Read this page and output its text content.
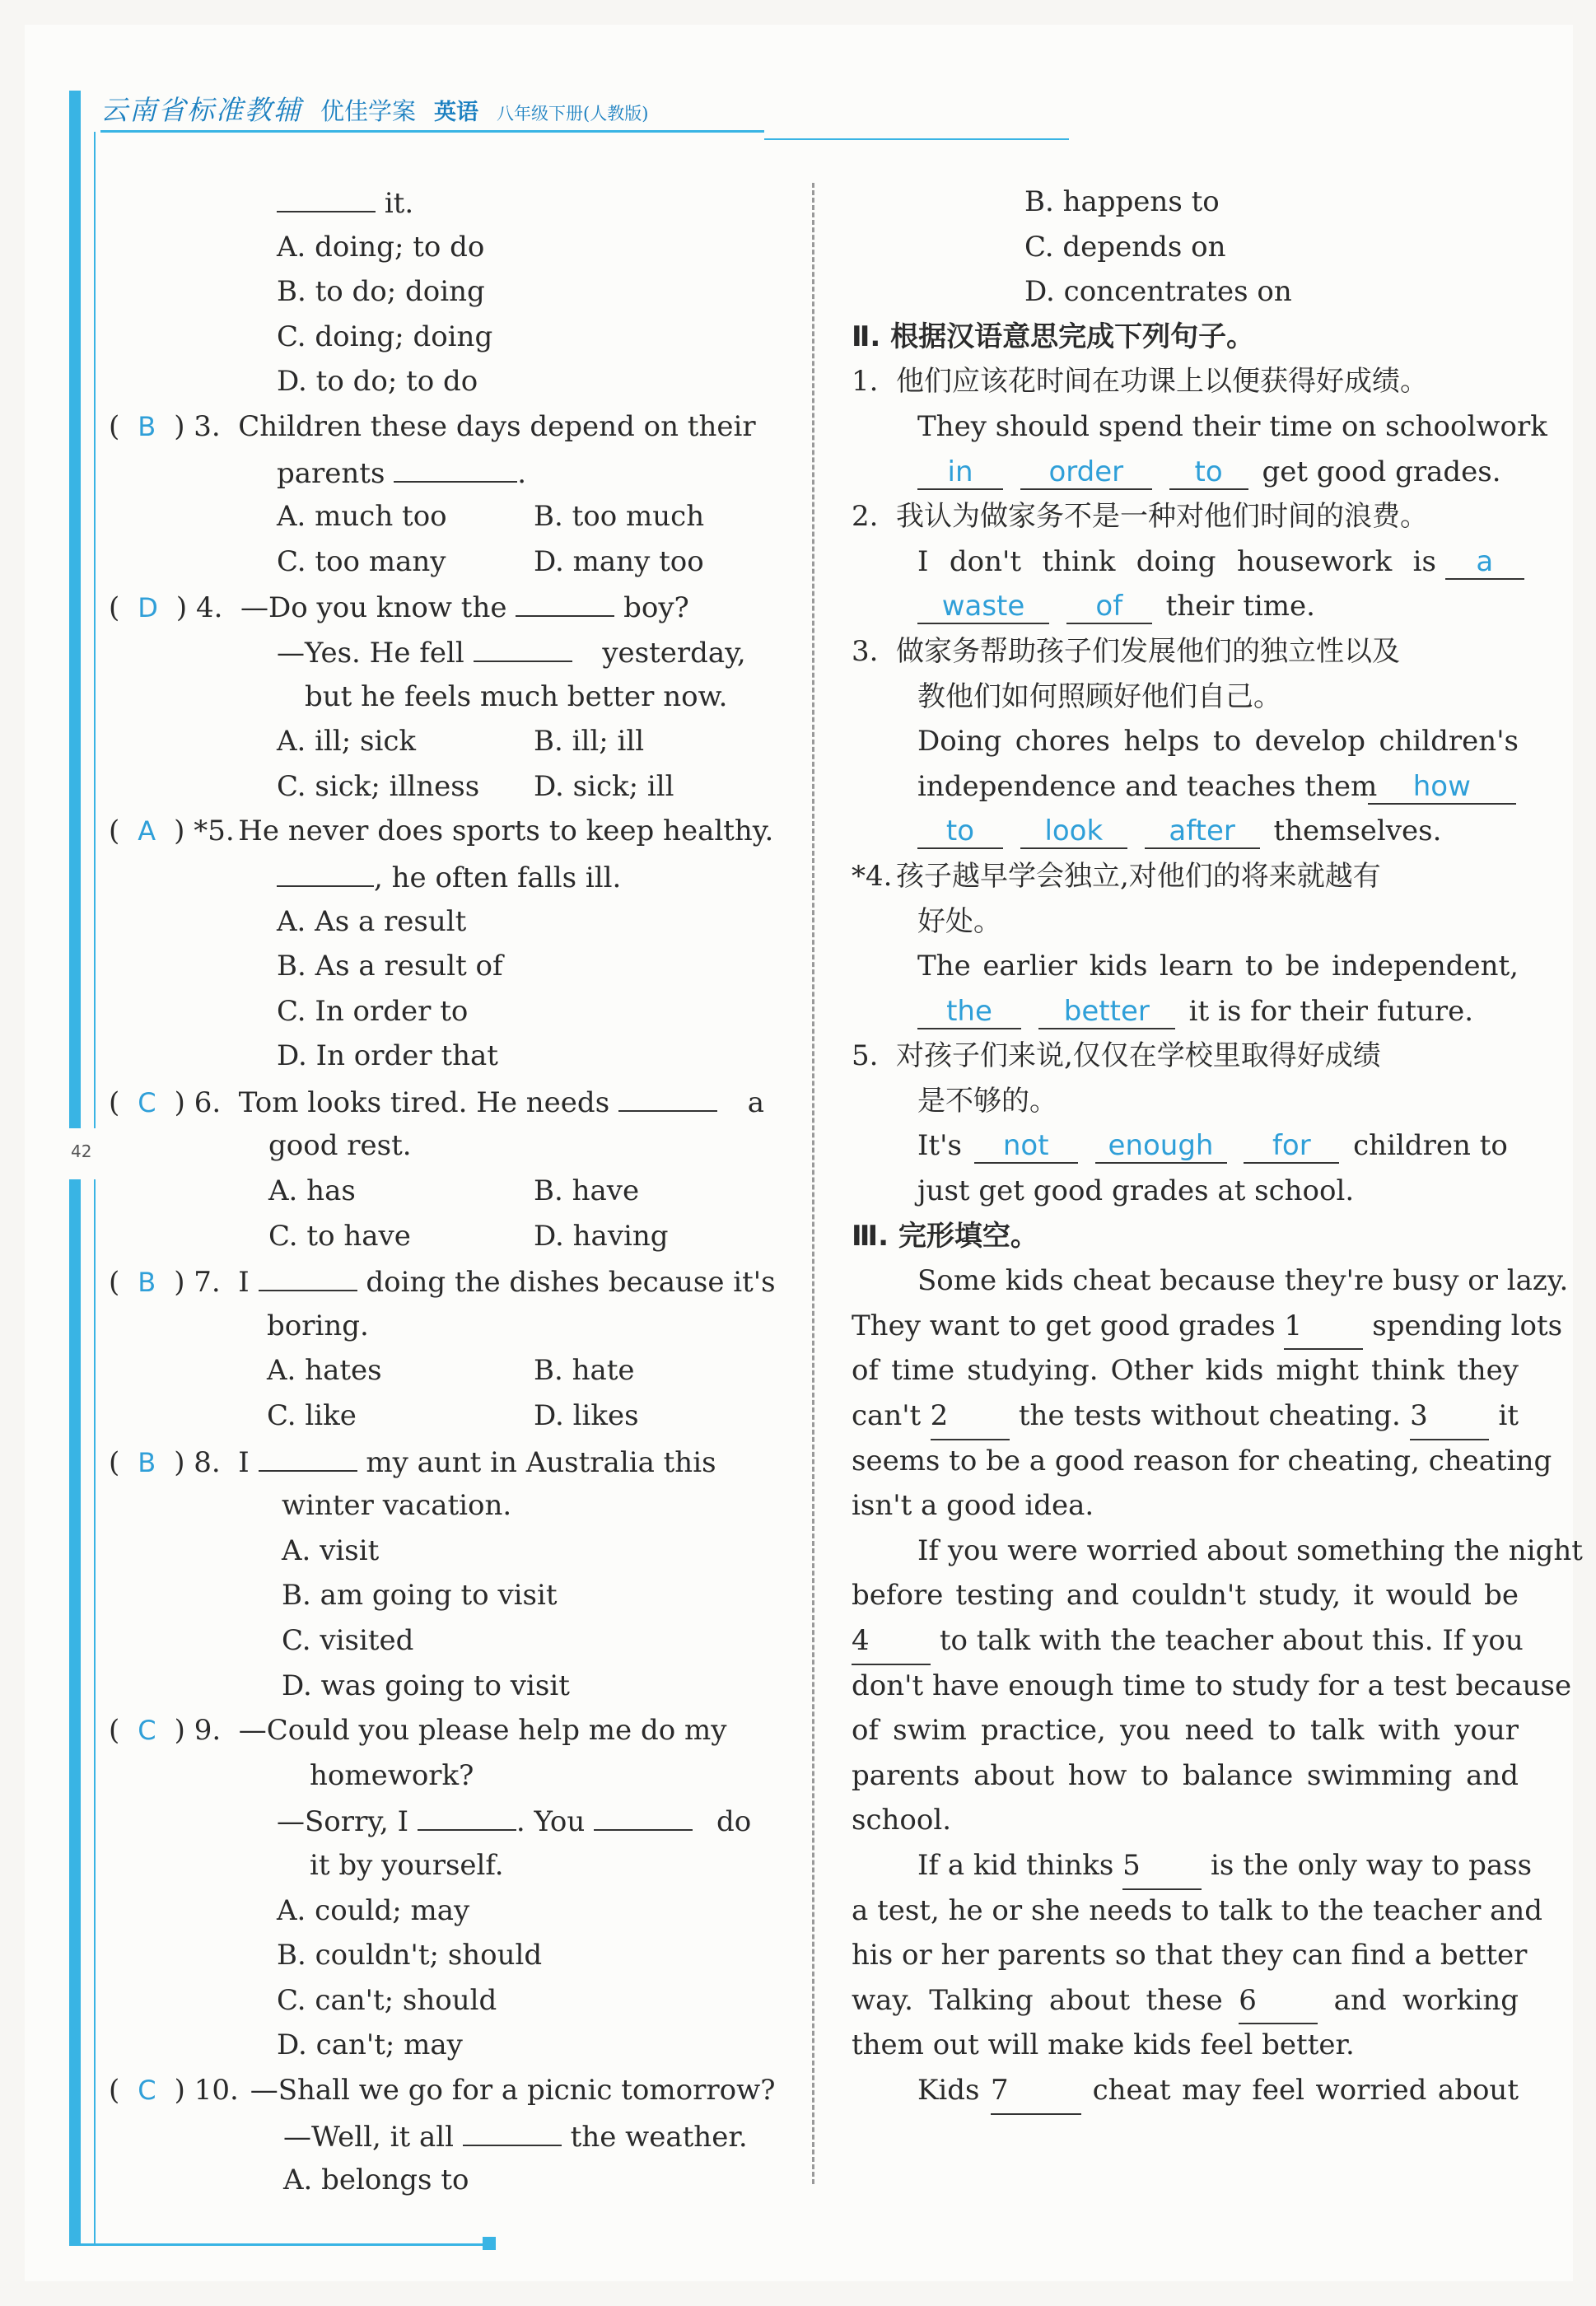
云南省标准教辅 优佳学案 英语 八年级下册(人教版)
42
it.
A. doing; to do
B. to do; doing
C. doing; doing
D. to do; to do
( B ) 3. Children these days depend on their
parents	.
A. much too	B. too much
C. too many	D. many too
( D ) 4. —Do you know the	boy?
—Yes. He fell	yesterday,
but he feels much better now.
A. ill; sick	B. ill; ill
C. sick; illness D. sick; ill
( A ) *5. He never does sports to keep healthy.
, he often falls ill.
A. As a result
B. As a result of
C. In order to
D. In order that
( C ) 6. Tom looks tired. He needs	a
good rest.
A. has	B. have
C. to have	D. having
( B ) 7. I	doing the dishes because it's
boring.
A. hates	B. hate
C. like	D. likes
( B ) 8. I	my aunt in Australia this
winter vacation.
A. visit
B. am going to visit
C. visited
D. was going to visit
( C ) 9. —Could you please help me do my
homework?
—Sorry, I	. You	do
it by yourself.
A. could; may
B. couldn't; should
C. can't; should
D. can't; may
( C ) 10. —Shall we go for a picnic tomorrow?
—Well, it all	the weather.
A. belongs to
B. happens to
C. depends on
D. concentrates on
Ⅱ. 根据汉语意思完成下列句子。
1. 他们应该花时间在功课上以便获得好成绩。
They should spend their time on schoolwork
in	order	to get good grades.
2. 我认为做家务不是一种对他们时间的浪费。
I don't think doing housework is a
waste	of their time.
3. 做家务帮助孩子们发展他们的独立性以及
教他们如何照顾好他们自己。
Doing chores helps to develop children's
independence and teaches them how
to	look after themselves.
*4. 孩子越早学会独立,对他们的将来就越有
好处。
The earlier kids learn to be independent,
the	better it is for their future.
5. 对孩子们来说,仅仅在学校里取得好成绩
是不够的。
It's not enough for children to
just get good grades at school.
Ⅲ. 完形填空。
Some kids cheat because they're busy or lazy.
They want to get good grades 1	spending lots
of time studying. Other kids might think they
can't 2	the tests without cheating. 3	it
seems to be a good reason for cheating, cheating
isn't a good idea.
If you were worried about something the night
before testing and couldn't study, it would be
4	to talk with the teacher about this. If you
don't have enough time to study for a test because
of swim practice, you need to talk with your
parents about how to balance swimming and
school.
If a kid thinks 5	is the only way to pass
a test, he or she needs to talk to the teacher and
his or her parents so that they can find a better
way. Talking about these 6	and working
them out will make kids feel better.
Kids 7	cheat may feel worried about
